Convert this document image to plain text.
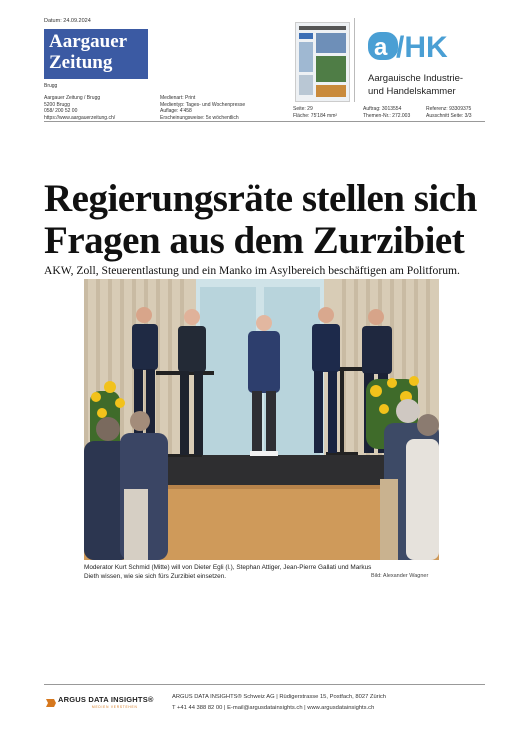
Datum: 24.09.2024
Aargauer
Zeitung
Brugg
Aargauer Zeitung / Brugg
5200 Brugg
058/ 200 52 00
https://www.aargauerzeitung.ch/
Medienart: Print
Medientyp: Tages- und Wochenpresse
Auflage: 4'458
Erscheinungsweise: 5x wöchentlich
Seite: 29
Fläche: 75'184 mm²
Auftrag: 3013554
Themen-Nr.: 272.003
Referenz: 93309375
Ausschnitt Seite: 3/3
a /HK
Aargauische Industrie-
und Handelskammer
Regierungsräte stellen sich
Fragen aus dem Zurzibiet
AKW, Zoll, Steuerentlastung und ein Manko im Asylbereich beschäftigen am Politforum.
Moderator Kurt Schmid (Mitte) will von Dieter Egli (l.), Stephan Attiger, Jean-Pierre Gallati und Markus
Dieth wissen, wie sie sich fürs Zurzibiet einsetzen.	Bild: Alexander Wagner
ARGUS DATA INSIGHTS®
MEDIEN VERSTEHEN
ARGUS DATA INSIGHTS® Schweiz AG | Rüdigerstrasse 15, Postfach, 8027 Zürich
T +41 44 388 82 00 | E-mail@argusdatainsights.ch | www.argusdatainsights.ch
